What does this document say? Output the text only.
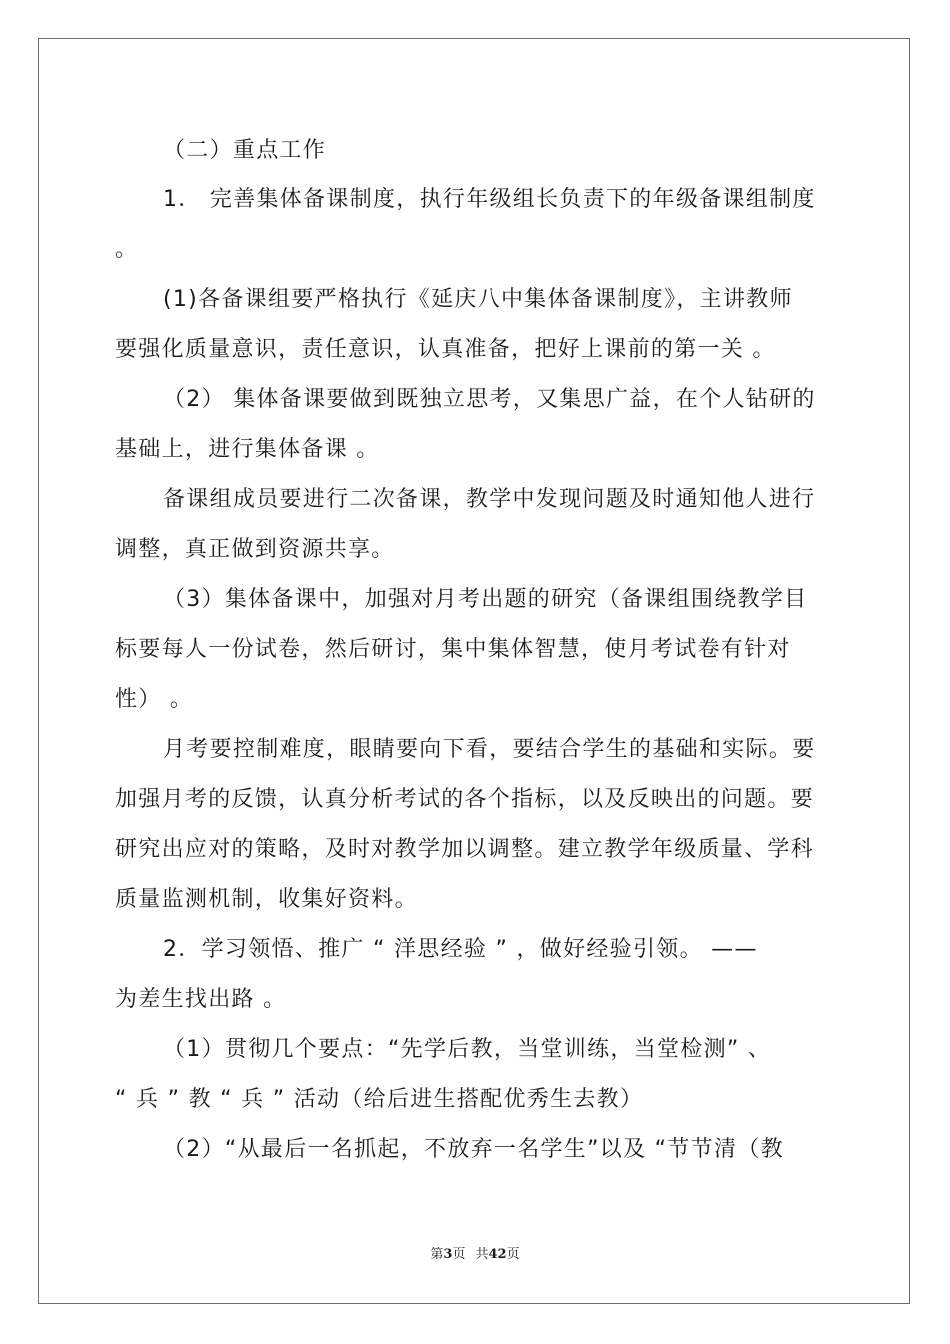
（二）重点工作
1． 完善集体备课制度，执行年级组长负责下的年级备课组制度
。
(1)各备课组要严格执行《延庆八中集体备课制度》，主讲教师
要强化质量意识，责任意识，认真准备，把好上课前的第一关 。
（2） 集体备课要做到既独立思考，又集思广益，在个人钻研的
基础上，进行集体备课 。
备课组成员要进行二次备课，教学中发现问题及时通知他人进行
调整，真正做到资源共享。
（3）集体备课中，加强对月考出题的研究（备课组围绕教学目
标要每人一份试卷，然后研讨，集中集体智慧，使月考试卷有针对
性） 。
月考要控制难度，眼睛要向下看，要结合学生的基础和实际。要
加强月考的反馈，认真分析考试的各个指标，以及反映出的问题。要
研究出应对的策略，及时对教学加以调整。建立教学年级质量、学科
质量监测机制，收集好资料。
2．学习领悟、推广 “ 洋思经验 ” ，做好经验引领。 ——
为差生找出路 。
（1）贯彻几个要点：“先学后教，当堂训练，当堂检测” 、
“ 兵 ” 教 “ 兵 ” 活动（给后进生搭配优秀生去教）
（2）“从最后一名抓起，不放弃一名学生”以及 “节节清（教
第3页 共42页
